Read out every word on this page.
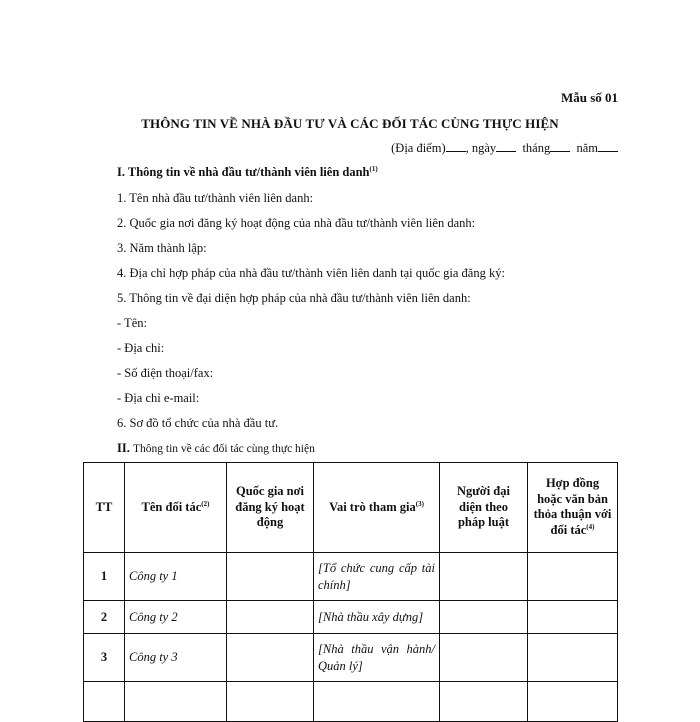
Mẫu số 01
THÔNG TIN VỀ NHÀ ĐẦU TƯ VÀ CÁC ĐỐI TÁC CÙNG THỰC HIỆN
(Địa điểm) , ngày tháng năm
I. Thông tin về nhà đầu tư/thành viên liên danh$^{(1)}$
1. Tên nhà đầu tư/thành viên liên danh:
2. Quốc gia nơi đăng ký hoạt động của nhà đầu tư/thành viên liên danh:
3. Năm thành lập:
4. Địa chỉ hợp pháp của nhà đầu tư/thành viên liên danh tại quốc gia đăng ký:
5. Thông tin về đại diện hợp pháp của nhà đầu tư/thành viên liên danh:
- Tên:
- Địa chỉ:
- Số điện thoại/fax:
- Địa chỉ e-mail:
6. Sơ đồ tổ chức của nhà đầu tư.
II. Thông tin về các đối tác cùng thực hiện
TT	Tên đối tác$^{(2)}$	Quốc gia nơi đăng ký hoạt động	Vai trò tham gia$^{(3)}$	Người đại diện theo pháp luật	Hợp đồng hoặc văn bản thỏa thuận với đối tác$^{(4)}$
1	Công ty 1		[Tổ chức cung cấp tài chính]		
2	Công ty 2		[Nhà thầu xây dựng]		
3	Công ty 3		[Nhà thầu vận hành/ Quản lý]		
